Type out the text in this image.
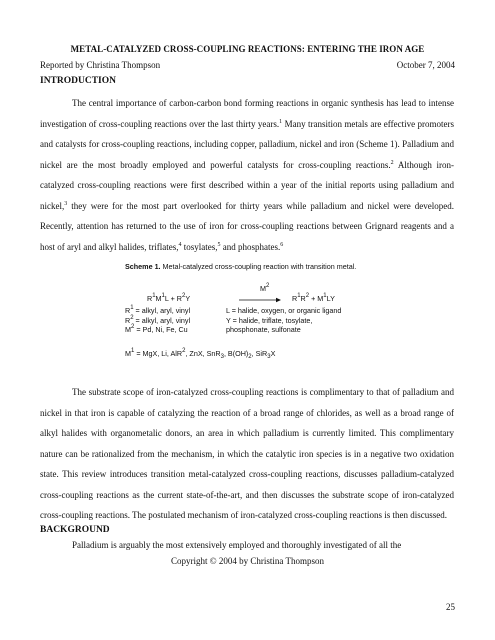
METAL-CATALYZED CROSS-COUPLING REACTIONS: ENTERING THE IRON AGE
Reported by Christina Thompson	October 7, 2004
INTRODUCTION
The central importance of carbon-carbon bond forming reactions in organic synthesis has lead to intense investigation of cross-coupling reactions over the last thirty years.$^1$ Many transition metals are effective promoters and catalysts for cross-coupling reactions, including copper, palladium, nickel and iron (Scheme 1). Palladium and nickel are the most broadly employed and powerful catalysts for cross-coupling reactions.$^2$ Although iron-catalyzed cross-coupling reactions were first described within a year of the initial reports using palladium and nickel,$^3$ they were for the most part overlooked for thirty years while palladium and nickel were developed. Recently, attention has returned to the use of iron for cross-coupling reactions between Grignard reagents and a host of aryl and alkyl halides, triflates,$^4$ tosylates,$^5$ and phosphates.$^6$
Scheme 1. Metal-catalyzed cross-coupling reaction with transition metal.
$R^1M^1L + R^2Y$
$M^2$
$R^1R^2 + M^1LY$
$R^1$ = alkyl, aryl, vinyl
$R^2$ = alkyl, aryl, vinyl
$M^2 = Pd$, Ni, Fe, Cu
L = halide, oxygen, or organic ligand
Y = halide, triflate, tosylate,
phosphonate, sulfonate
$M^1$ = MgX, Li, AlR$^2$, ZnX, SnR$_3$, $B(OH)_2$, SiR$_3$X
The substrate scope of iron-catalyzed cross-coupling reactions is complimentary to that of palladium and nickel in that iron is capable of catalyzing the reaction of a broad range of chlorides, as well as a broad range of alkyl halides with organometalic donors, an area in which palladium is currently limited. This complimentary nature can be rationalized from the mechanism, in which the catalytic iron species is in a negative two oxidation state. This review introduces transition metal-catalyzed cross-coupling reactions, discusses palladium-catalyzed cross-coupling reactions as the current state-of-the-art, and then discusses the substrate scope of iron-catalyzed cross-coupling reactions. The postulated mechanism of iron-catalyzed cross-coupling reactions is then discussed.
BACKGROUND
Palladium is arguably the most extensively employed and thoroughly investigated of all the
Copyright © 2004 by Christina Thompson
25
